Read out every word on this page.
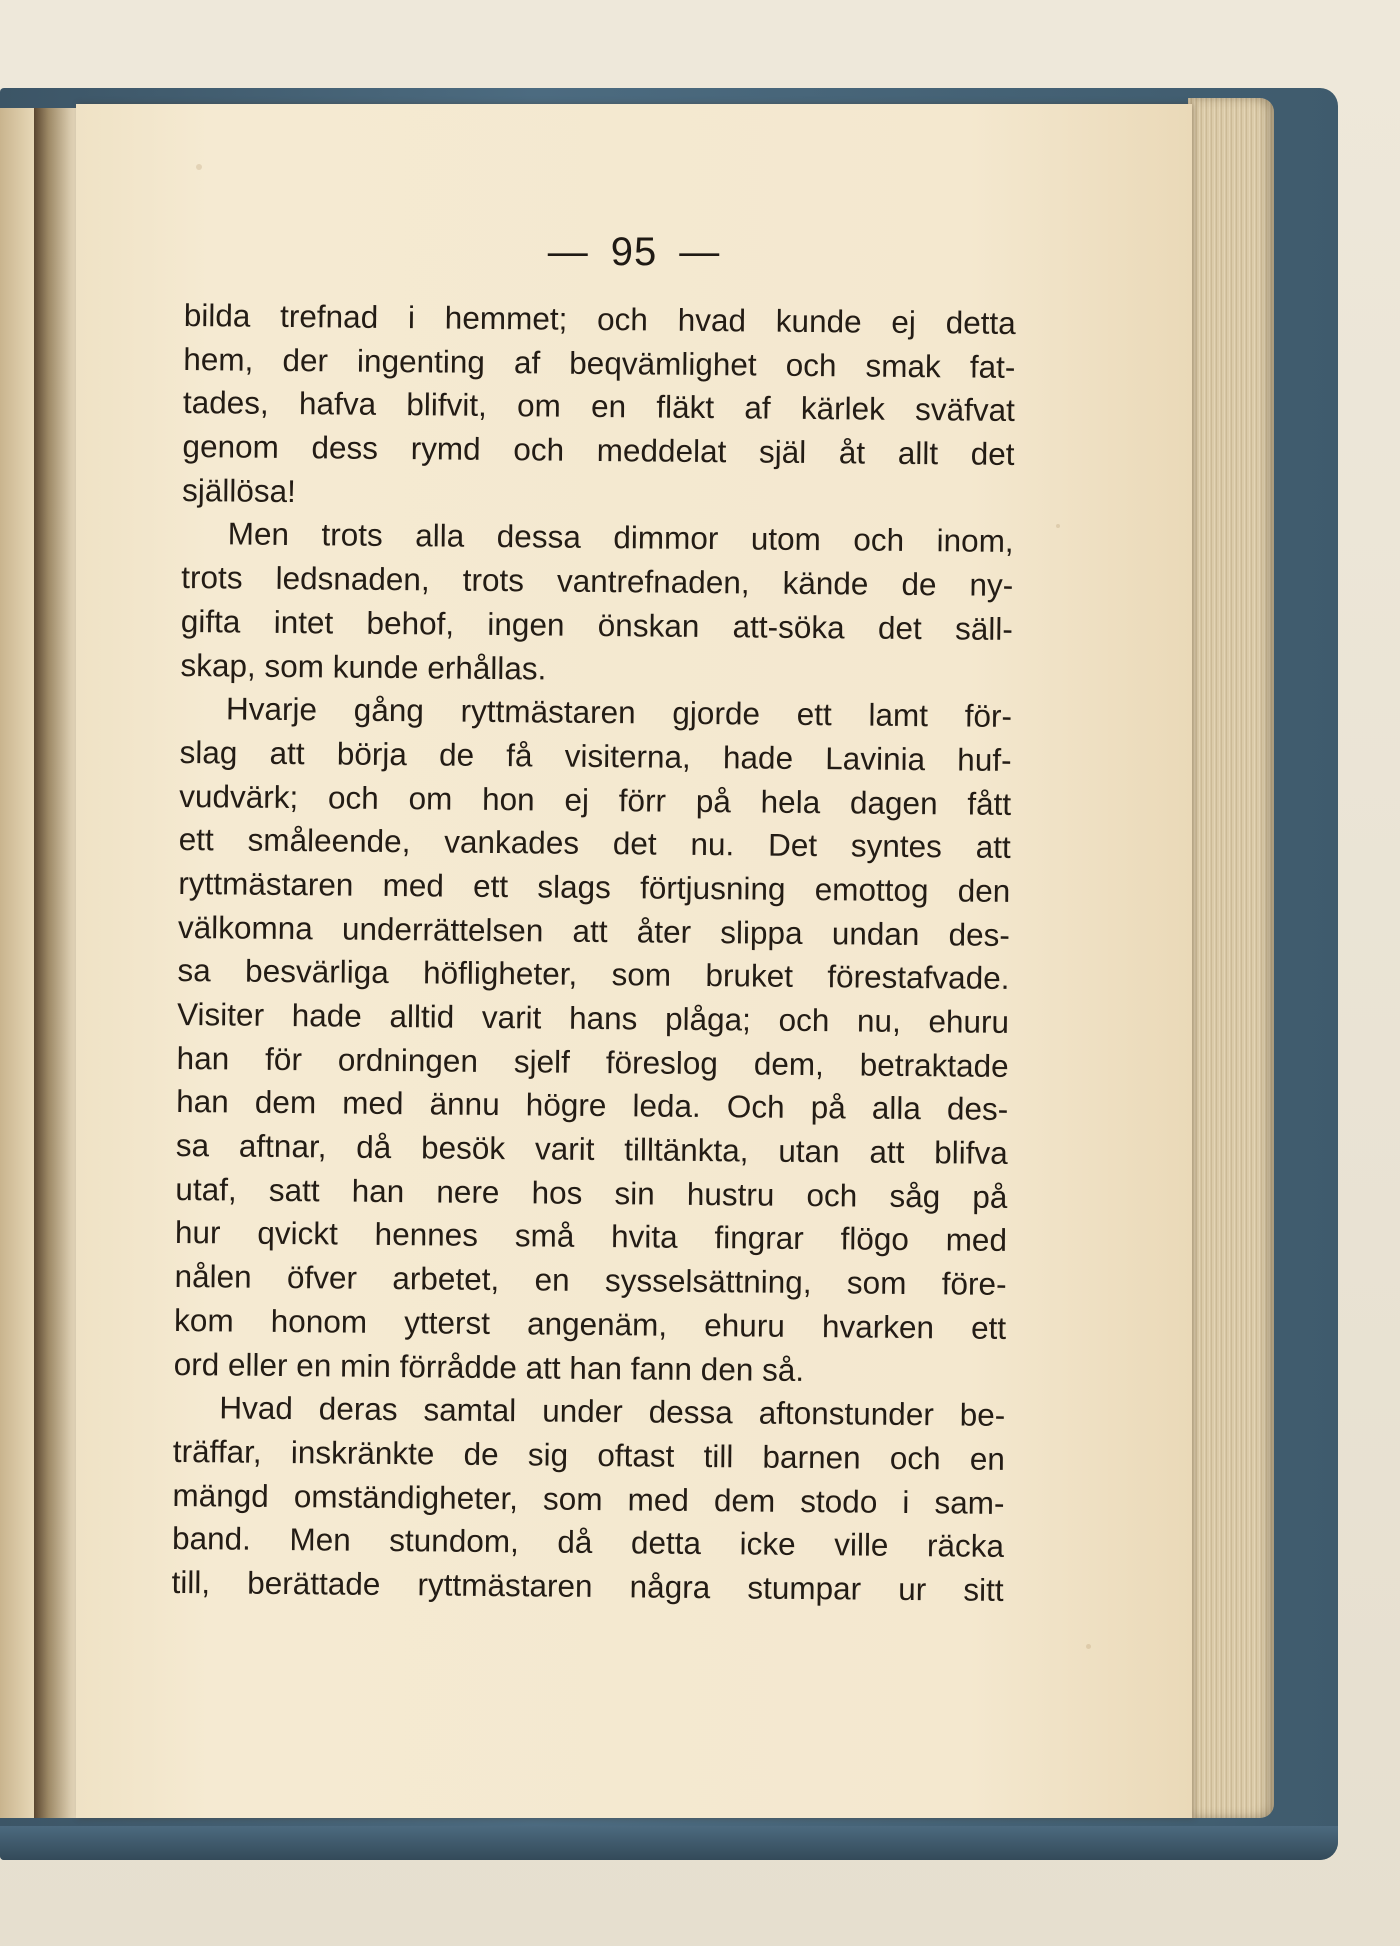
— 95 —
bilda trefnad i hemmet; och hvad kunde ej detta
hem, der ingenting af beqvämlighet och smak fat-
tades, hafva blifvit, om en fläkt af kärlek sväfvat
genom dess rymd och meddelat själ åt allt det
själlösa!
Men trots alla dessa dimmor utom och inom,
trots ledsnaden, trots vantrefnaden, kände de ny-
gifta intet behof, ingen önskan att-söka det säll-
skap, som kunde erhållas.
Hvarje gång ryttmästaren gjorde ett lamt för-
slag att börja de få visiterna, hade Lavinia huf-
vudvärk; och om hon ej förr på hela dagen fått
ett småleende, vankades det nu. Det syntes att
ryttmästaren med ett slags förtjusning emottog den
välkomna underrättelsen att åter slippa undan des-
sa besvärliga höfligheter, som bruket förestafvade.
Visiter hade alltid varit hans plåga; och nu, ehuru
han för ordningen sjelf föreslog dem, betraktade
han dem med ännu högre leda. Och på alla des-
sa aftnar, då besök varit tilltänkta, utan att blifva
utaf, satt han nere hos sin hustru och såg på
hur qvickt hennes små hvita fingrar flögo med
nålen öfver arbetet, en sysselsättning, som före-
kom honom ytterst angenäm, ehuru hvarken ett
ord eller en min förrådde att han fann den så.
Hvad deras samtal under dessa aftonstunder be-
träffar, inskränkte de sig oftast till barnen och en
mängd omständigheter, som med dem stodo i sam-
band. Men stundom, då detta icke ville räcka
till, berättade ryttmästaren några stumpar ur sitt
